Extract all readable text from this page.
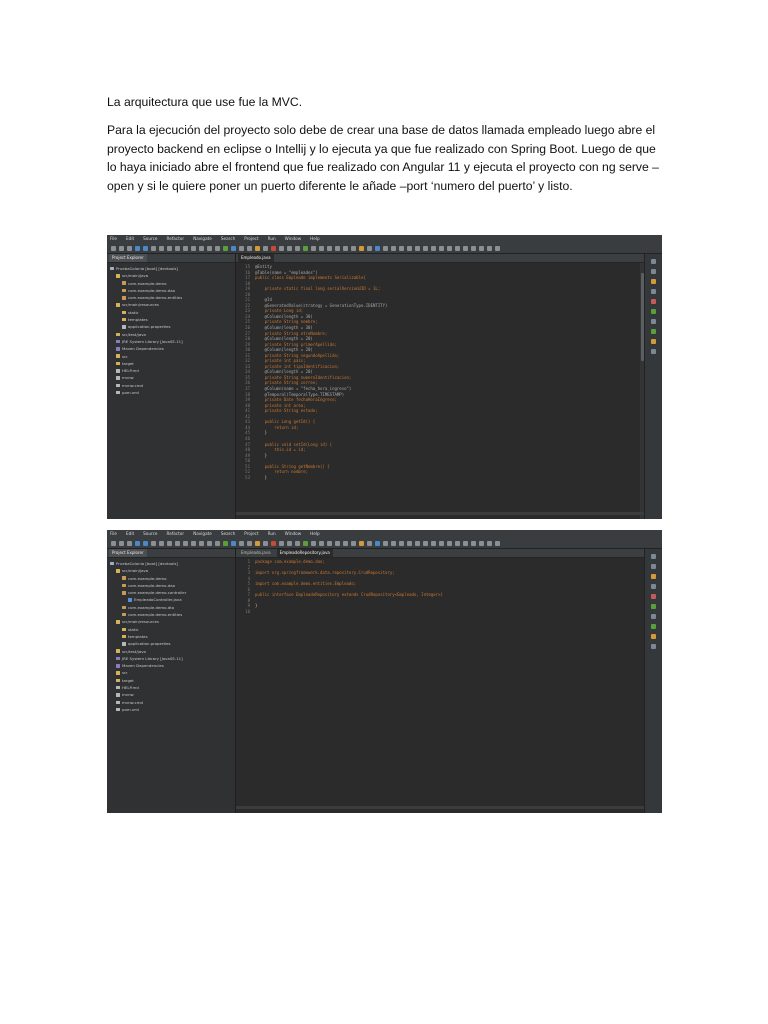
La arquitectura que use fue la MVC.
Para la ejecución del proyecto solo debe de crear una base de datos llamada empleado luego abre el proyecto backend en eclipse o Intellij y lo ejecuta ya que fue realizado con Spring Boot. Luego de que lo haya iniciado abre el frontend que fue realizado con Angular 11 y ejecuta el proyecto con ng serve –open y si le quiere poner un puerto diferente le añade –port ‘numero del puerto’ y listo.
File Edit Source Refactor Navigate Search Project Run Window Help
Project Explorer
PruebaColonia [boot] [devtools]
src/main/java
com.example.demo
com.example.demo.dao
com.example.demo.entities
src/main/resources
static
templates
application.properties
src/test/java
JRE System Library [JavaSE-11]
Maven Dependencies
src
target
HELP.md
mvnw
mvnw.cmd
pom.xml
Empleado.java
15	@Entity
16	@Table(name = "empleados")
17	public class Empleado implements Serializable{
18
19	private static final long serialVersionUID = 1L;
20
21	@Id
22	@GeneratedValue(strategy = GenerationType.IDENTITY)
23	private Long id;
24	@Column(length = 30)
25	private String nombre;
26	@Column(length = 30)
27	private String otroNombre;
28	@Column(length = 20)
29	private String primerApellido;
30	@Column(length = 20)
31	private String segundoApellido;
32	private int pais;
33	private int tipoIdentificacion;
34	@Column(length = 20)
35	private String numeroIdentificacion;
36	private String correo;
37	@Column(name = "fecha_hora_ingreso")
38	@Temporal(TemporalType.TIMESTAMP)
39	private Date fechaHoraIngreso;
40	private int area;
41	private String estado;
42
43	public Long getId() {
44	return id;
45	}
46
47	public void setId(Long id) {
48	this.id = id;
49	}
50
51	public String getNombre() {
52	return nombre;
53	}
File Edit Source Refactor Navigate Search Project Run Window Help
Project Explorer
PruebaColonia [boot] [devtools]
src/main/java
com.example.demo
com.example.demo.dao
com.example.demo.controller
EmpleadoController.java
com.example.demo.dto
com.example.demo.entities
src/main/resources
static
templates
application.properties
src/test/java
JRE System Library [JavaSE-11]
Maven Dependencies
src
target
HELP.md
mvnw
mvnw.cmd
pom.xml
Empleado.java	EmpleadoRepository.java
1	package com.example.demo.dao;
2
3	import org.springframework.data.repository.CrudRepository;
4
5	import com.example.demo.entities.Empleado;
6
7	public interface EmpleadoRepository extends CrudRepository<Empleado, Integer>{
8
9	}
10
